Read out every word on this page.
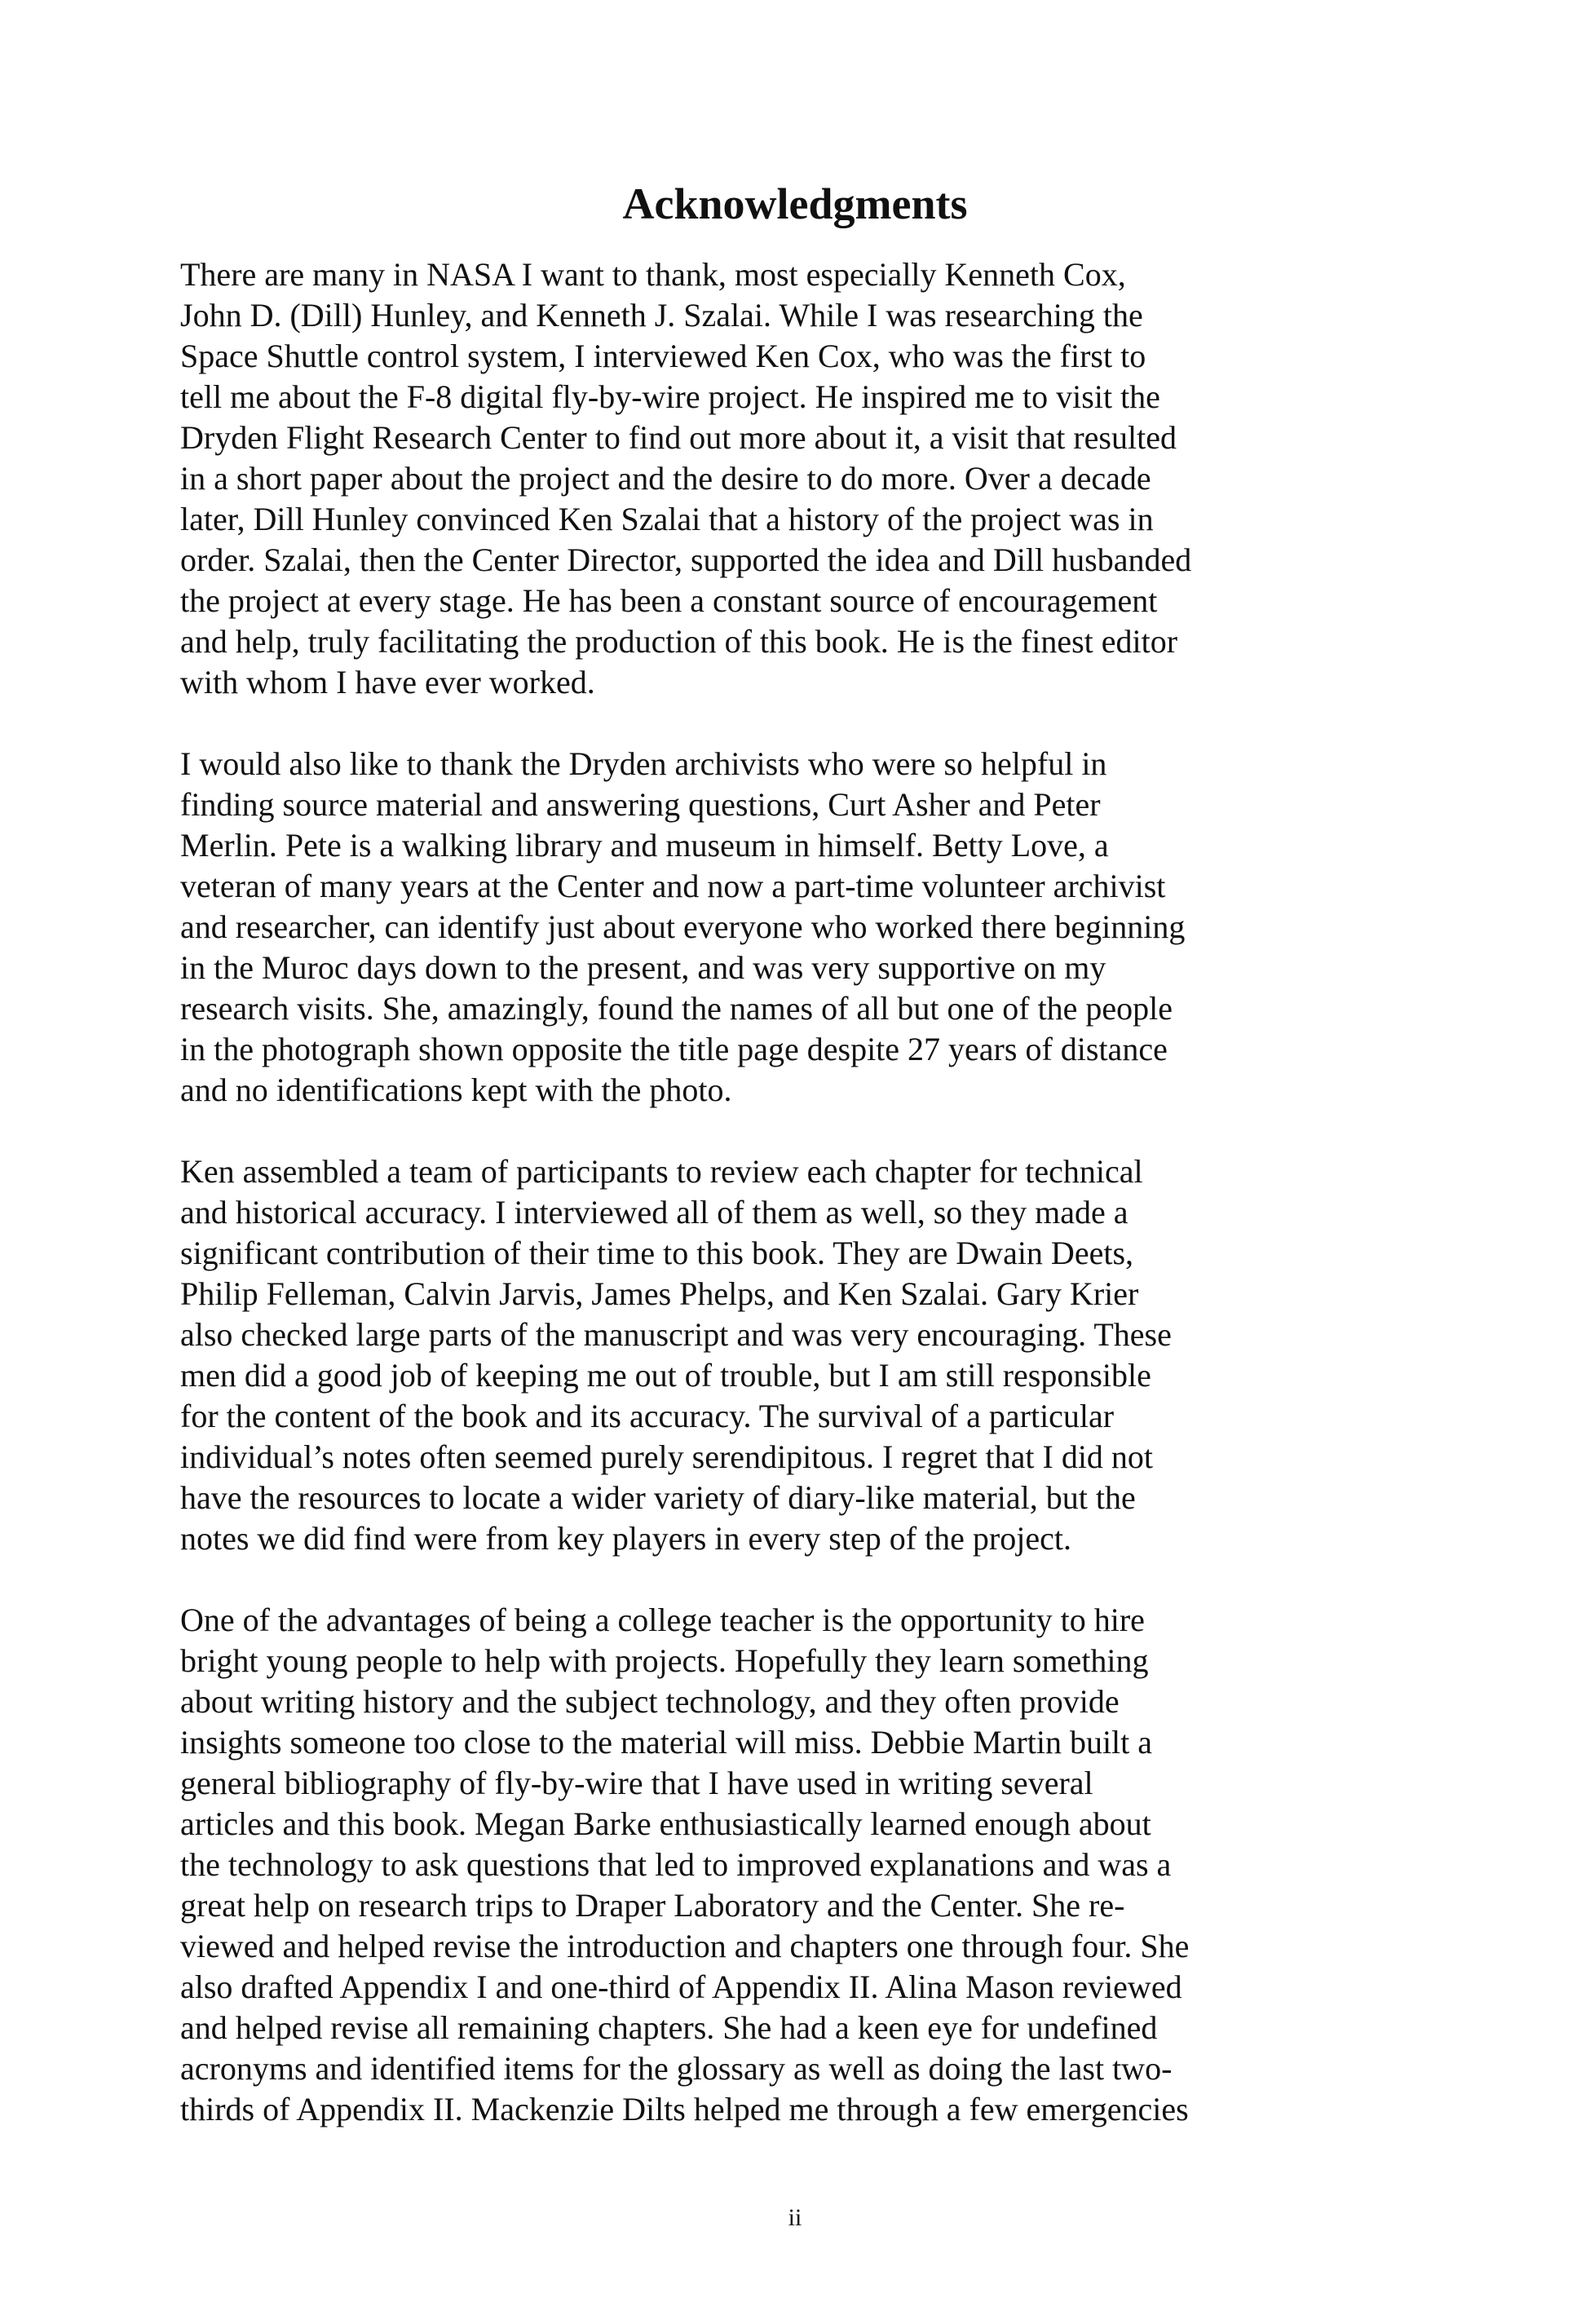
Acknowledgments

There are many in NASA I want to thank, most especially Kenneth Cox,
John D. (Dill) Hunley, and Kenneth J. Szalai. While I was researching the
Space Shuttle control system, I interviewed Ken Cox, who was the first to
tell me about the F-8 digital fly-by-wire project. He inspired me to visit the
Dryden Flight Research Center to find out more about it, a visit that resulted
in a short paper about the project and the desire to do more. Over a decade
later, Dill Hunley convinced Ken Szalai that a history of the project was in
order. Szalai, then the Center Director, supported the idea and Dill husbanded
the project at every stage. He has been a constant source of encouragement
and help, truly facilitating the production of this book. He is the finest editor
with whom I have ever worked.

I would also like to thank the Dryden archivists who were so helpful in
finding source material and answering questions, Curt Asher and Peter
Merlin. Pete is a walking library and museum in himself. Betty Love, a
veteran of many years at the Center and now a part-time volunteer archivist
and researcher, can identify just about everyone who worked there beginning
in the Muroc days down to the present, and was very supportive on my
research visits. She, amazingly, found the names of all but one of the people
in the photograph shown opposite the title page despite 27 years of distance
and no identifications kept with the photo.

Ken assembled a team of participants to review each chapter for technical
and historical accuracy. I interviewed all of them as well, so they made a
significant contribution of their time to this book. They are Dwain Deets,
Philip Felleman, Calvin Jarvis, James Phelps, and Ken Szalai. Gary Krier
also checked large parts of the manuscript and was very encouraging. These
men did a good job of keeping me out of trouble, but I am still responsible
for the content of the book and its accuracy. The survival of a particular
individual’s notes often seemed purely serendipitous. I regret that I did not
have the resources to locate a wider variety of diary-like material, but the
notes we did find were from key players in every step of the project.

One of the advantages of being a college teacher is the opportunity to hire
bright young people to help with projects. Hopefully they learn something
about writing history and the subject technology, and they often provide
insights someone too close to the material will miss. Debbie Martin built a
general bibliography of fly-by-wire that I have used in writing several
articles and this book. Megan Barke enthusiastically learned enough about
the technology to ask questions that led to improved explanations and was a
great help on research trips to Draper Laboratory and the Center. She re-
viewed and helped revise the introduction and chapters one through four. She
also drafted Appendix I and one-third of Appendix II. Alina Mason reviewed
and helped revise all remaining chapters. She had a keen eye for undefined
acronyms and identified items for the glossary as well as doing the last two-
thirds of Appendix II. Mackenzie Dilts helped me through a few emergencies

ii
